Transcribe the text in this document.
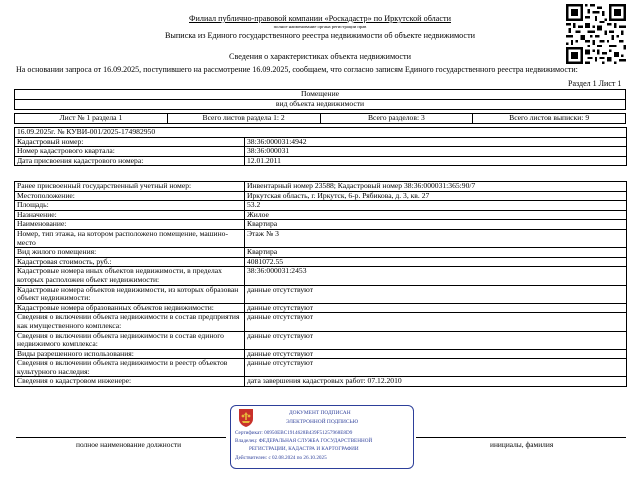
Филиал публично-правовой компании «Роскадастр» по Иркутской области
полное наименование органа регистрации прав
Выписка из Единого государственного реестра недвижимости об объекте недвижимости
Сведения о характеристиках объекта недвижимости
На основании запроса от 16.09.2025, поступившего на рассмотрение 16.09.2025, сообщаем, что согласно записям Единого государственного реестра недвижимости:
Раздел 1 Лист 1
Помещение
вид объекта недвижимости
Лист № 1 раздела 1	Всего листов раздела 1: 2	Всего разделов: 3	Всего листов выписки: 9
16.09.2025г. № КУВИ-001/2025-174982950	
Кадастровый номер:	38:36:000031:4942
Номер кадастрового квартала:	38:36:000031
Дата присвоения кадастрового номера:	12.01.2011
Ранее присвоенный государственный учетный номер:	Инвентарный номер 23588; Кадастровый номер 38:36:000031:365:90/7
Местоположение:	Иркутская область, г. Иркутск, 6-р. Рябикова, д. 3, кв. 27
Площадь:	53.2
Назначение:	Жилое
Наименование:	Квартира
Номер, тип этажа, на котором расположено помещение, машино-место	Этаж № 3
Вид жилого помещения:	Квартира
Кадастровая стоимость, руб.:	4081072.55
Кадастровые номера иных объектов недвижимости, в пределах которых расположен объект недвижимости:	38:36:000031:2453
Кадастровые номера объектов недвижимости, из которых образован объект недвижимости:	данные отсутствуют
Кадастровые номера образованных объектов недвижимости:	данные отсутствуют
Сведения о включении объекта недвижимости в состав предприятия как имущественного комплекса:	данные отсутствуют
Сведения о включении объекта недвижимости в состав единого недвижимого комплекса:	данные отсутствуют
Виды разрешенного использования:	данные отсутствуют
Сведения о включении объекта недвижимости в реестр объектов культурного наследия:	данные отсутствуют
Сведения о кадастровом инженере:	дата завершения кадастровых работ: 07.12.2010
ДОКУМЕНТ ПОДПИСАН
ЭЛЕКТРОННОЙ ПОДПИСЬЮ
Сертификат: 00950EBC1914628B439F51257968E8D9
Владелец: ФЕДЕРАЛЬНАЯ СЛУЖБА ГОСУДАРСТВЕННОЙ
РЕГИСТРАЦИИ, КАДАСТРА И КАРТОГРАФИИ
Действителен: с 02.08.2024 по 26.10.2025
полное наименование должности	инициалы, фамилия
